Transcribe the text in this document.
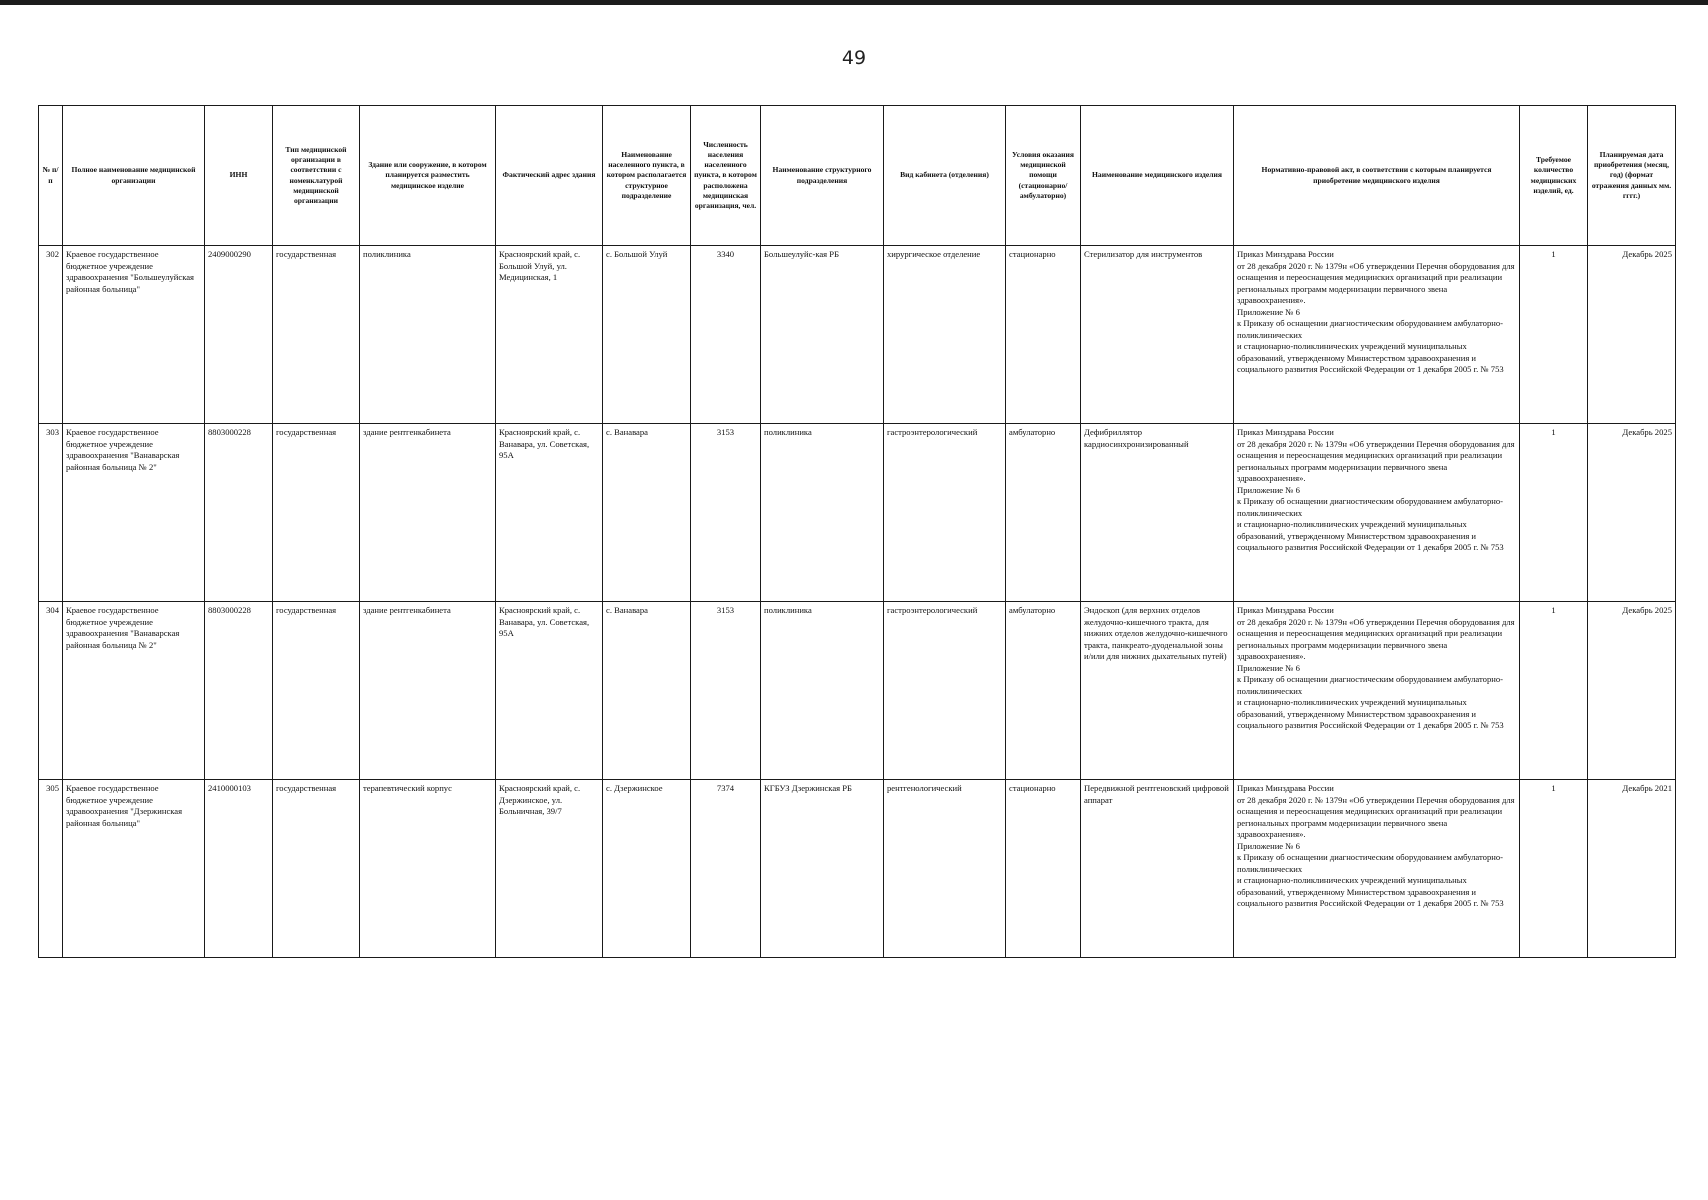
49
№ п/п	Полное наименование медицинской организации	ИНН	Тип медицинской организации в соответствии с номенклатурой медицинской организации	Здание или сооружение, в котором планируется разместить медицинское изделие	Фактический адрес здания	Наименование населенного пункта, в котором располагается структурное подразделение	Численность населения населенного пункта, в котором расположена медицинская организация, чел.	Наименование структурного подразделения	Вид кабинета (отделения)	Условия оказания медицинской помощи (стационарно/ амбулаторно)	Наименование медицинского изделия	Нормативно-правовой акт, в соответствии с которым планируется приобретение медицинского изделия	Требуемое количество медицинских изделий, ед.	Планируемая дата приобретения (месяц, год) (формат отражения данных мм. гггг.)
302	Краевое государственное бюджетное учреждение здравоохранения "Большеулуйская районная больница"	2409000290	государственная	поликлиника	Красноярский край, с. Большой Улуй, ул. Медицинская, 1	с. Большой Улуй	3340	Большеулуйс-кая РБ	хирургическое отделение	стационарно	Стерилизатор для инструментов	Приказ Минздрава России
от 28 декабря 2020 г. № 1379н «Об утверждении Перечня оборудования для оснащения и переоснащения медицинских организаций при реализации региональных программ модернизации первичного звена здравоохранения».
Приложение № 6
к Приказу об оснащении диагностическим оборудованием амбулаторно-поликлинических
и стационарно-поликлинических учреждений муниципальных образований, утвержденному Министерством здравоохранения и социального развития Российской Федерации от 1 декабря 2005 г. № 753	1	Декабрь 2025
303	Краевое государственное бюджетное учреждение здравоохранения "Ванаварская районная больница № 2"	8803000228	государственная	здание рентгенкабинета	Красноярский край, с. Ванавара, ул. Советская, 95А	с. Ванавара	3153	поликлиника	гастроэнтерологический	амбулаторно	Дефибриллятор кардиосинхронизированный	Приказ Минздрава России
от 28 декабря 2020 г. № 1379н «Об утверждении Перечня оборудования для оснащения и переоснащения медицинских организаций при реализации региональных программ модернизации первичного звена здравоохранения».
Приложение № 6
к Приказу об оснащении диагностическим оборудованием амбулаторно-поликлинических
и стационарно-поликлинических учреждений муниципальных образований, утвержденному Министерством здравоохранения и социального развития Российской Федерации от 1 декабря 2005 г. № 753	1	Декабрь 2025
304	Краевое государственное бюджетное учреждение здравоохранения "Ванаварская районная больница № 2"	8803000228	государственная	здание рентгенкабинета	Красноярский край, с. Ванавара, ул. Советская, 95А	с. Ванавара	3153	поликлиника	гастроэнтерологический	амбулаторно	Эндоскоп (для верхних отделов желудочно-кишечного тракта, для нижних отделов желудочно-кишечного тракта, панкреато-дуоденальной зоны и/или для нижних дыхательных путей)	Приказ Минздрава России
от 28 декабря 2020 г. № 1379н «Об утверждении Перечня оборудования для оснащения и переоснащения медицинских организаций при реализации региональных программ модернизации первичного звена здравоохранения».
Приложение № 6
к Приказу об оснащении диагностическим оборудованием амбулаторно-поликлинических
и стационарно-поликлинических учреждений муниципальных образований, утвержденному Министерством здравоохранения и социального развития Российской Федерации от 1 декабря 2005 г. № 753	1	Декабрь 2025
305	Краевое государственное бюджетное учреждение здравоохранения "Дзержинская районная больница"	2410000103	государственная	терапевтический корпус	Красноярский край, с. Дзержинское, ул. Больничная, 39/7	с. Дзержинское	7374	КГБУЗ Дзержинская РБ	рентгенологический	стационарно	Передвижной рентгеновский цифровой аппарат	Приказ Минздрава России
от 28 декабря 2020 г. № 1379н «Об утверждении Перечня оборудования для оснащения и переоснащения медицинских организаций при реализации региональных программ модернизации первичного звена здравоохранения».
Приложение № 6
к Приказу об оснащении диагностическим оборудованием амбулаторно-поликлинических
и стационарно-поликлинических учреждений муниципальных образований, утвержденному Министерством здравоохранения и социального развития Российской Федерации от 1 декабря 2005 г. № 753	1	Декабрь 2021
